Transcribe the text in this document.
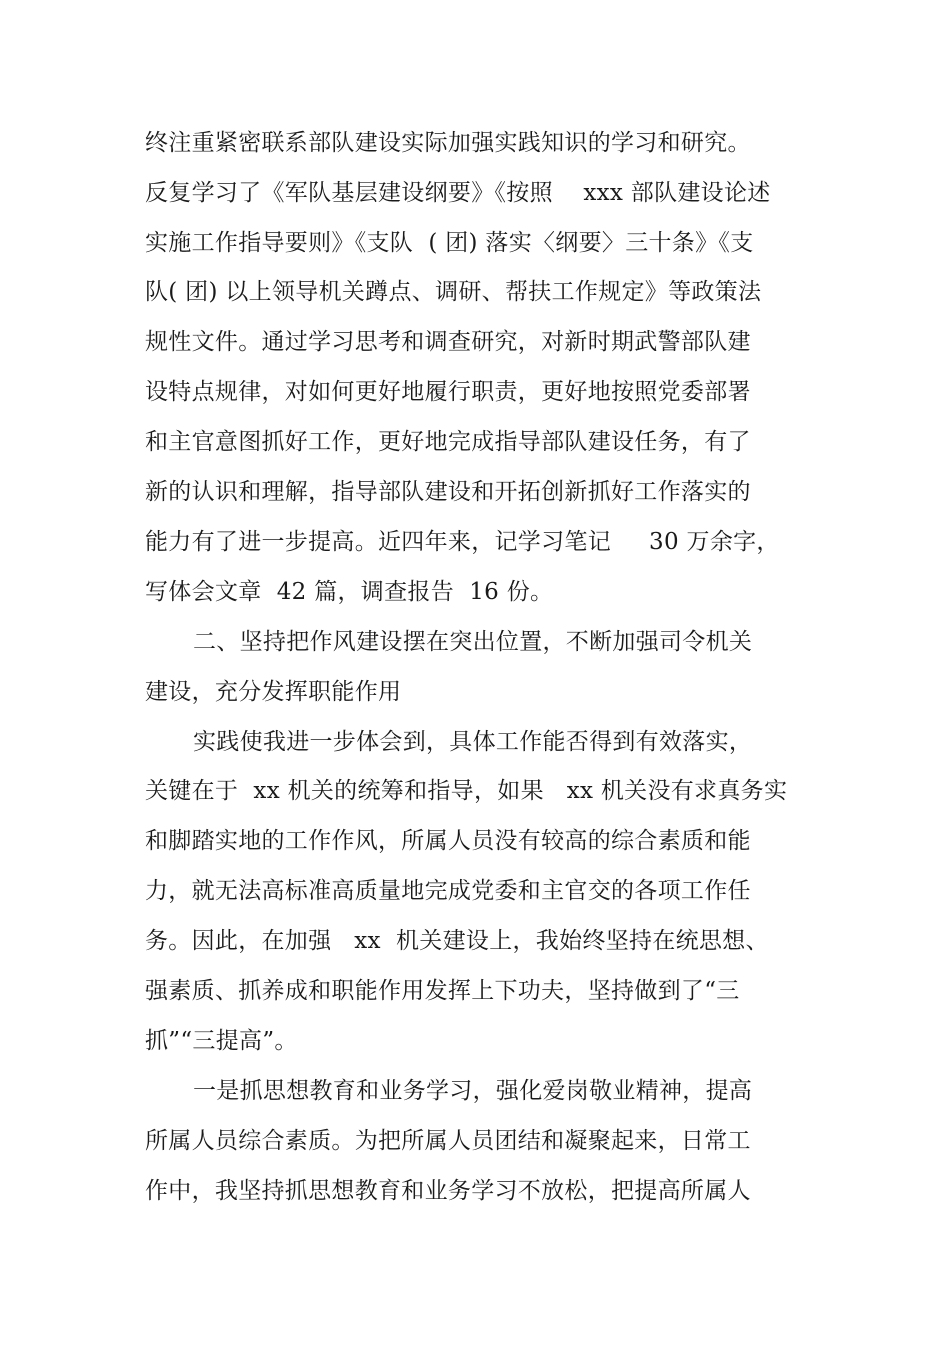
终注重紧密联系部队建设实际加强实践知识的学习和研究。
反复学习了《军队基层建设纲要》《按照    xxx 部队建设论述
实施工作指导要则》《支队  ( 团) 落实〈纲要〉三十条》《支
队( 团) 以上领导机关蹲点、调研、帮扶工作规定》等政策法
规性文件。通过学习思考和调查研究，对新时期武警部队建
设特点规律，对如何更好地履行职责，更好地按照党委部署
和主官意图抓好工作，更好地完成指导部队建设任务，有了
新的认识和理解，指导部队建设和开拓创新抓好工作落实的
能力有了进一步提高。近四年来，记学习笔记     30 万余字，
写体会文章  42 篇，调查报告  16 份。
二、坚持把作风建设摆在突出位置，不断加强司令机关
建设，充分发挥职能作用
实践使我进一步体会到，具体工作能否得到有效落实，
关键在于  xx 机关的统筹和指导，如果   xx 机关没有求真务实
和脚踏实地的工作作风，所属人员没有较高的综合素质和能
力，就无法高标准高质量地完成党委和主官交的各项工作任
务。因此，在加强   xx  机关建设上，我始终坚持在统思想、
强素质、抓养成和职能作用发挥上下功夫，坚持做到了“三
抓”“三提高”。
一是抓思想教育和业务学习，强化爱岗敬业精神，提高
所属人员综合素质。为把所属人员团结和凝聚起来，日常工
作中，我坚持抓思想教育和业务学习不放松，把提高所属人
